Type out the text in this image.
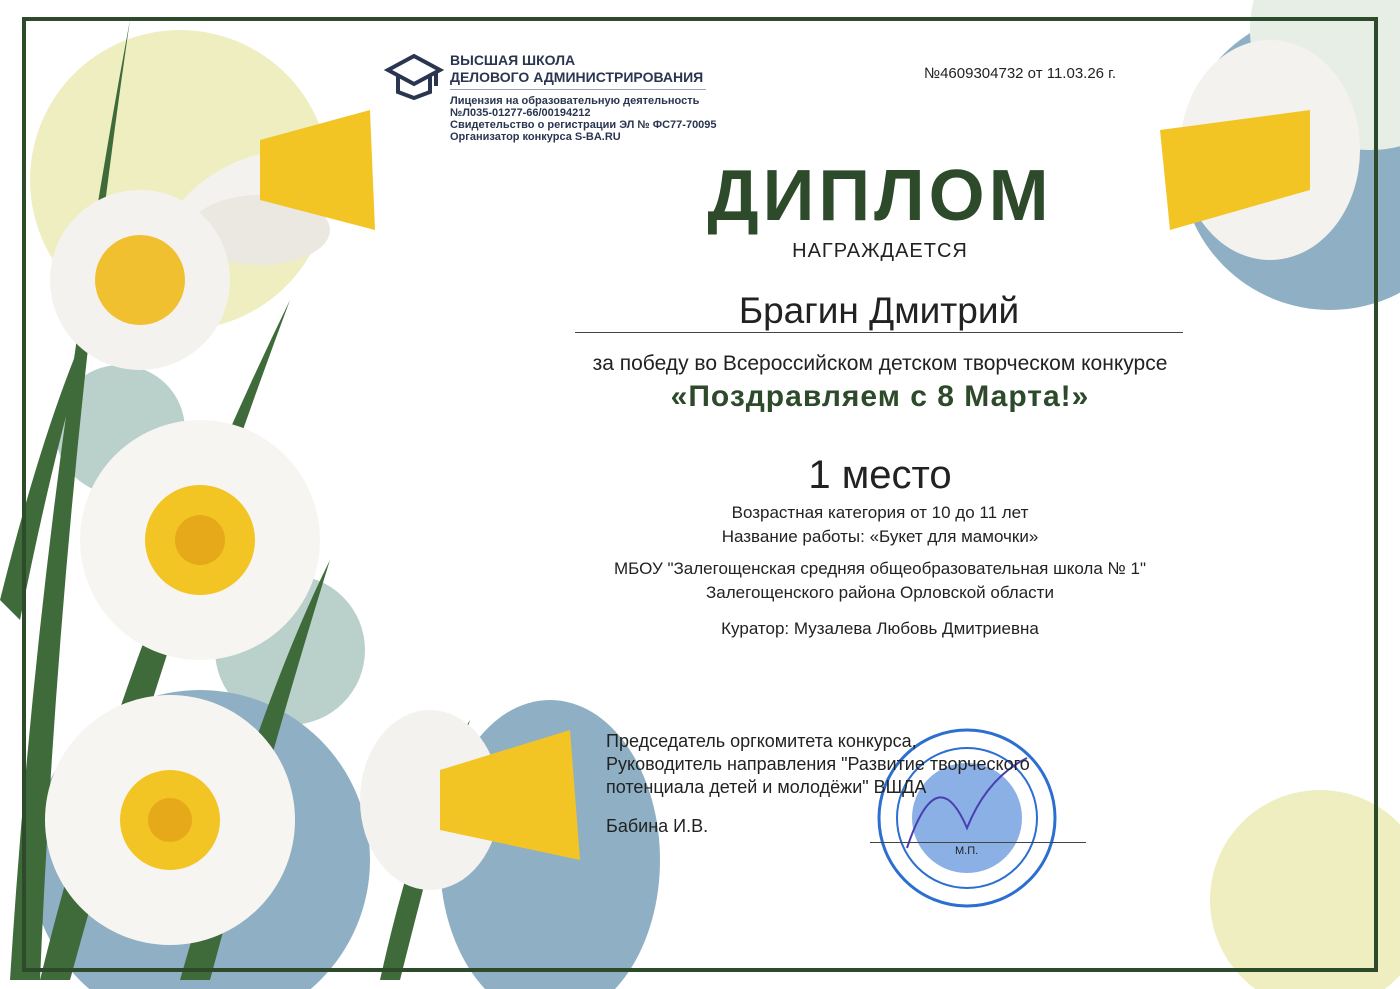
ВЫСШАЯ ШКОЛА
ДЕЛОВОГО АДМИНИСТРИРОВАНИЯ
Лицензия на образовательную деятельность
№Л035-01277-66/00194212
Свидетельство о регистрации ЭЛ № ФС77-70095
Организатор конкурса S-BA.RU
№4609304732 от 11.03.26 г.
ДИПЛОМ
НАГРАЖДАЕТСЯ
Брагин Дмитрий
за победу во Всероссийском детском творческом конкурсе
«Поздравляем с 8 Марта!»
1 место
Возрастная категория от 10 до 11 лет
Название работы: «Букет для мамочки»
МБОУ "Залегощенская средняя общеобразовательная школа № 1"
Залегощенского района Орловской области
Куратор: Музалева Любовь Дмитриевна
Председатель оргкомитета конкурса,
Руководитель направления "Развитие творческого
потенциала детей и молодёжи" ВШДА
Бабина И.В.
М.П.
